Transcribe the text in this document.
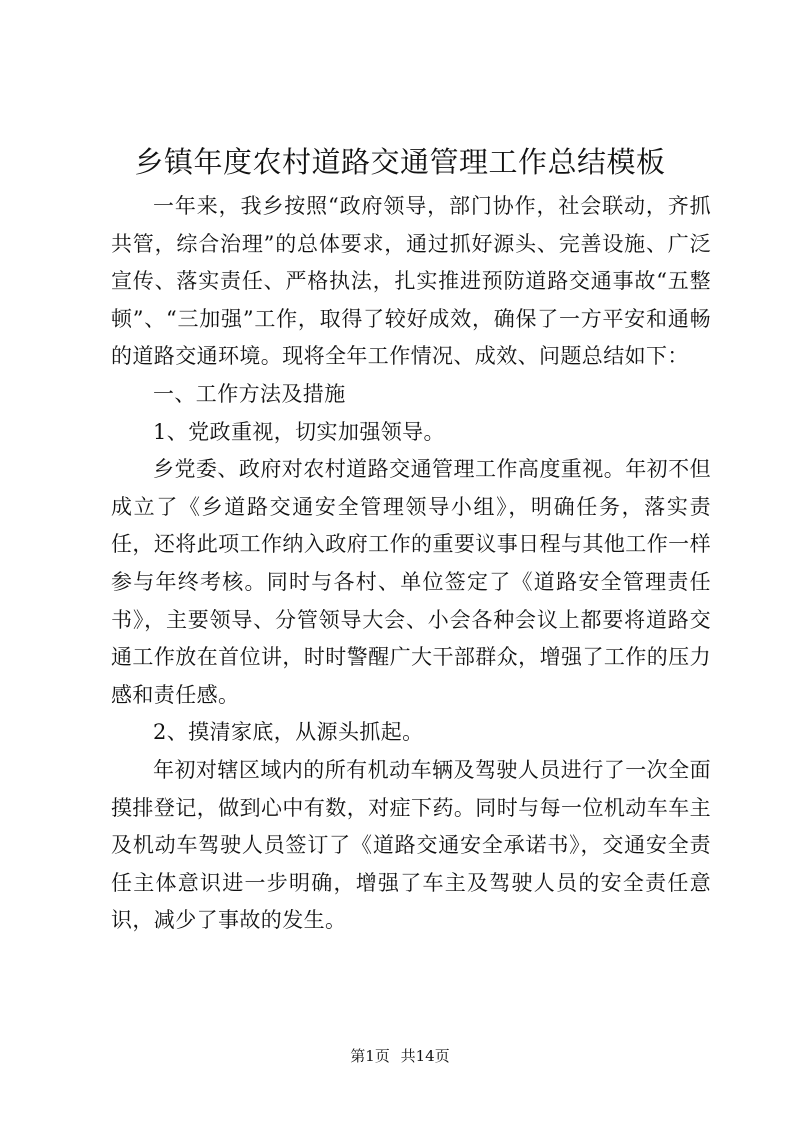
乡镇年度农村道路交通管理工作总结模板

一年来，我乡按照“政府领导，部门协作，社会联动，齐抓共管，综合治理”的总体要求，通过抓好源头、完善设施、广泛宣传、落实责任、严格执法，扎实推进预防道路交通事故“五整顿”、“三加强”工作，取得了较好成效，确保了一方平安和通畅的道路交通环境。现将全年工作情况、成效、问题总结如下：

一、工作方法及措施

1、党政重视，切实加强领导。

乡党委、政府对农村道路交通管理工作高度重视。年初不但成立了《乡道路交通安全管理领导小组》，明确任务，落实责任，还将此项工作纳入政府工作的重要议事日程与其他工作一样参与年终考核。同时与各村、单位签定了《道路安全管理责任书》，主要领导、分管领导大会、小会各种会议上都要将道路交通工作放在首位讲，时时警醒广大干部群众，增强了工作的压力感和责任感。

2、摸清家底，从源头抓起。

年初对辖区域内的所有机动车辆及驾驶人员进行了一次全面摸排登记，做到心中有数，对症下药。同时与每一位机动车车主及机动车驾驶人员签订了《道路交通安全承诺书》，交通安全责任主体意识进一步明确，增强了车主及驾驶人员的安全责任意识，减少了事故的发生。

第1页 共14页
